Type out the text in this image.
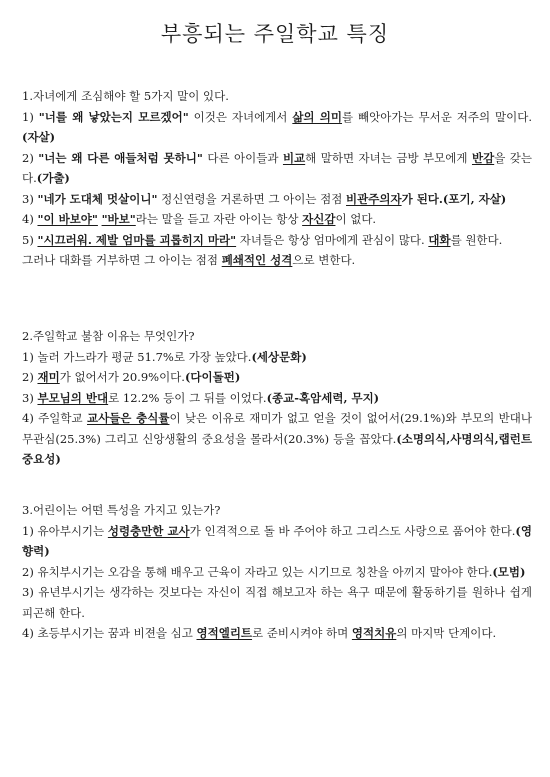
부흥되는 주일학교 특징

1.자녀에게 조심해야 할 5가지 말이 있다.

1) "너를 왜 낳았는지 모르겠어" 이것은 자녀에게서 삶의 의미를 빼앗아가는 무서운 저주의 말이다.(자살)

2) "너는 왜 다른 애들처럼 못하니" 다른 아이들과 비교해 말하면 자녀는 금방 부모에게 반감을 갖는다.(가출)

3) "네가 도대체 멋살이니" 정신연령을 거론하면 그 아이는 점점 비관주의자가 된다.(포기, 자살)

4) "이 바보야" "바보"라는 말을 듣고 자란 아이는 항상 자신감이 없다.

5) "시끄러워. 제발 엄마를 괴롭히지 마라" 자녀들은 항상 엄마에게 관심이 많다. 대화를 원한다.

그러나 대화를 거부하면 그 아이는 점점 폐쇄적인 성격으로 변한다.

2.주일학교 불참 이유는 무엇인가?

1) 놀러 가느라가 평균 51.7%로 가장 높았다.(세상문화)

2) 재미가 없어서가 20.9%이다.(다이돌펀)

3) 부모님의 반대로 12.2% 등이 그 뒤를 이었다.(종교-혹암세력, 무지)

4) 주일학교 교사들은 충식률이 낮은 이유로 재미가 없고 얻을 것이 없어서(29.1%)와 부모의 반대나 무관심(25.3%) 그리고 신앙생활의 중요성을 몰라서(20.3%) 등을 꼽았다.(소명의식,사명의식,랩런트 중요성)

3.어린이는 어떤 특성을 가지고 있는가?

1) 유아부시기는 성령충만한 교사가 인격적으로 돌 바 주어야 하고 그리스도 사랑으로 품어야 한다.(영향력)

2) 유치부시기는 오감을 통해 배우고 근육이 자라고 있는 시기므로 칭찬을 아끼지 말아야 한다.(모범)

3) 유년부시기는 생각하는 것보다는 자신이 직접 해보고자 하는 욕구 때문에 활동하기를 원하나 쉽게 피곤해 한다.

4) 초등부시기는 꿈과 비젼을 심고 영적엘리트로 준비시켜야 하며 영적치유의 마지막 단계이다.
